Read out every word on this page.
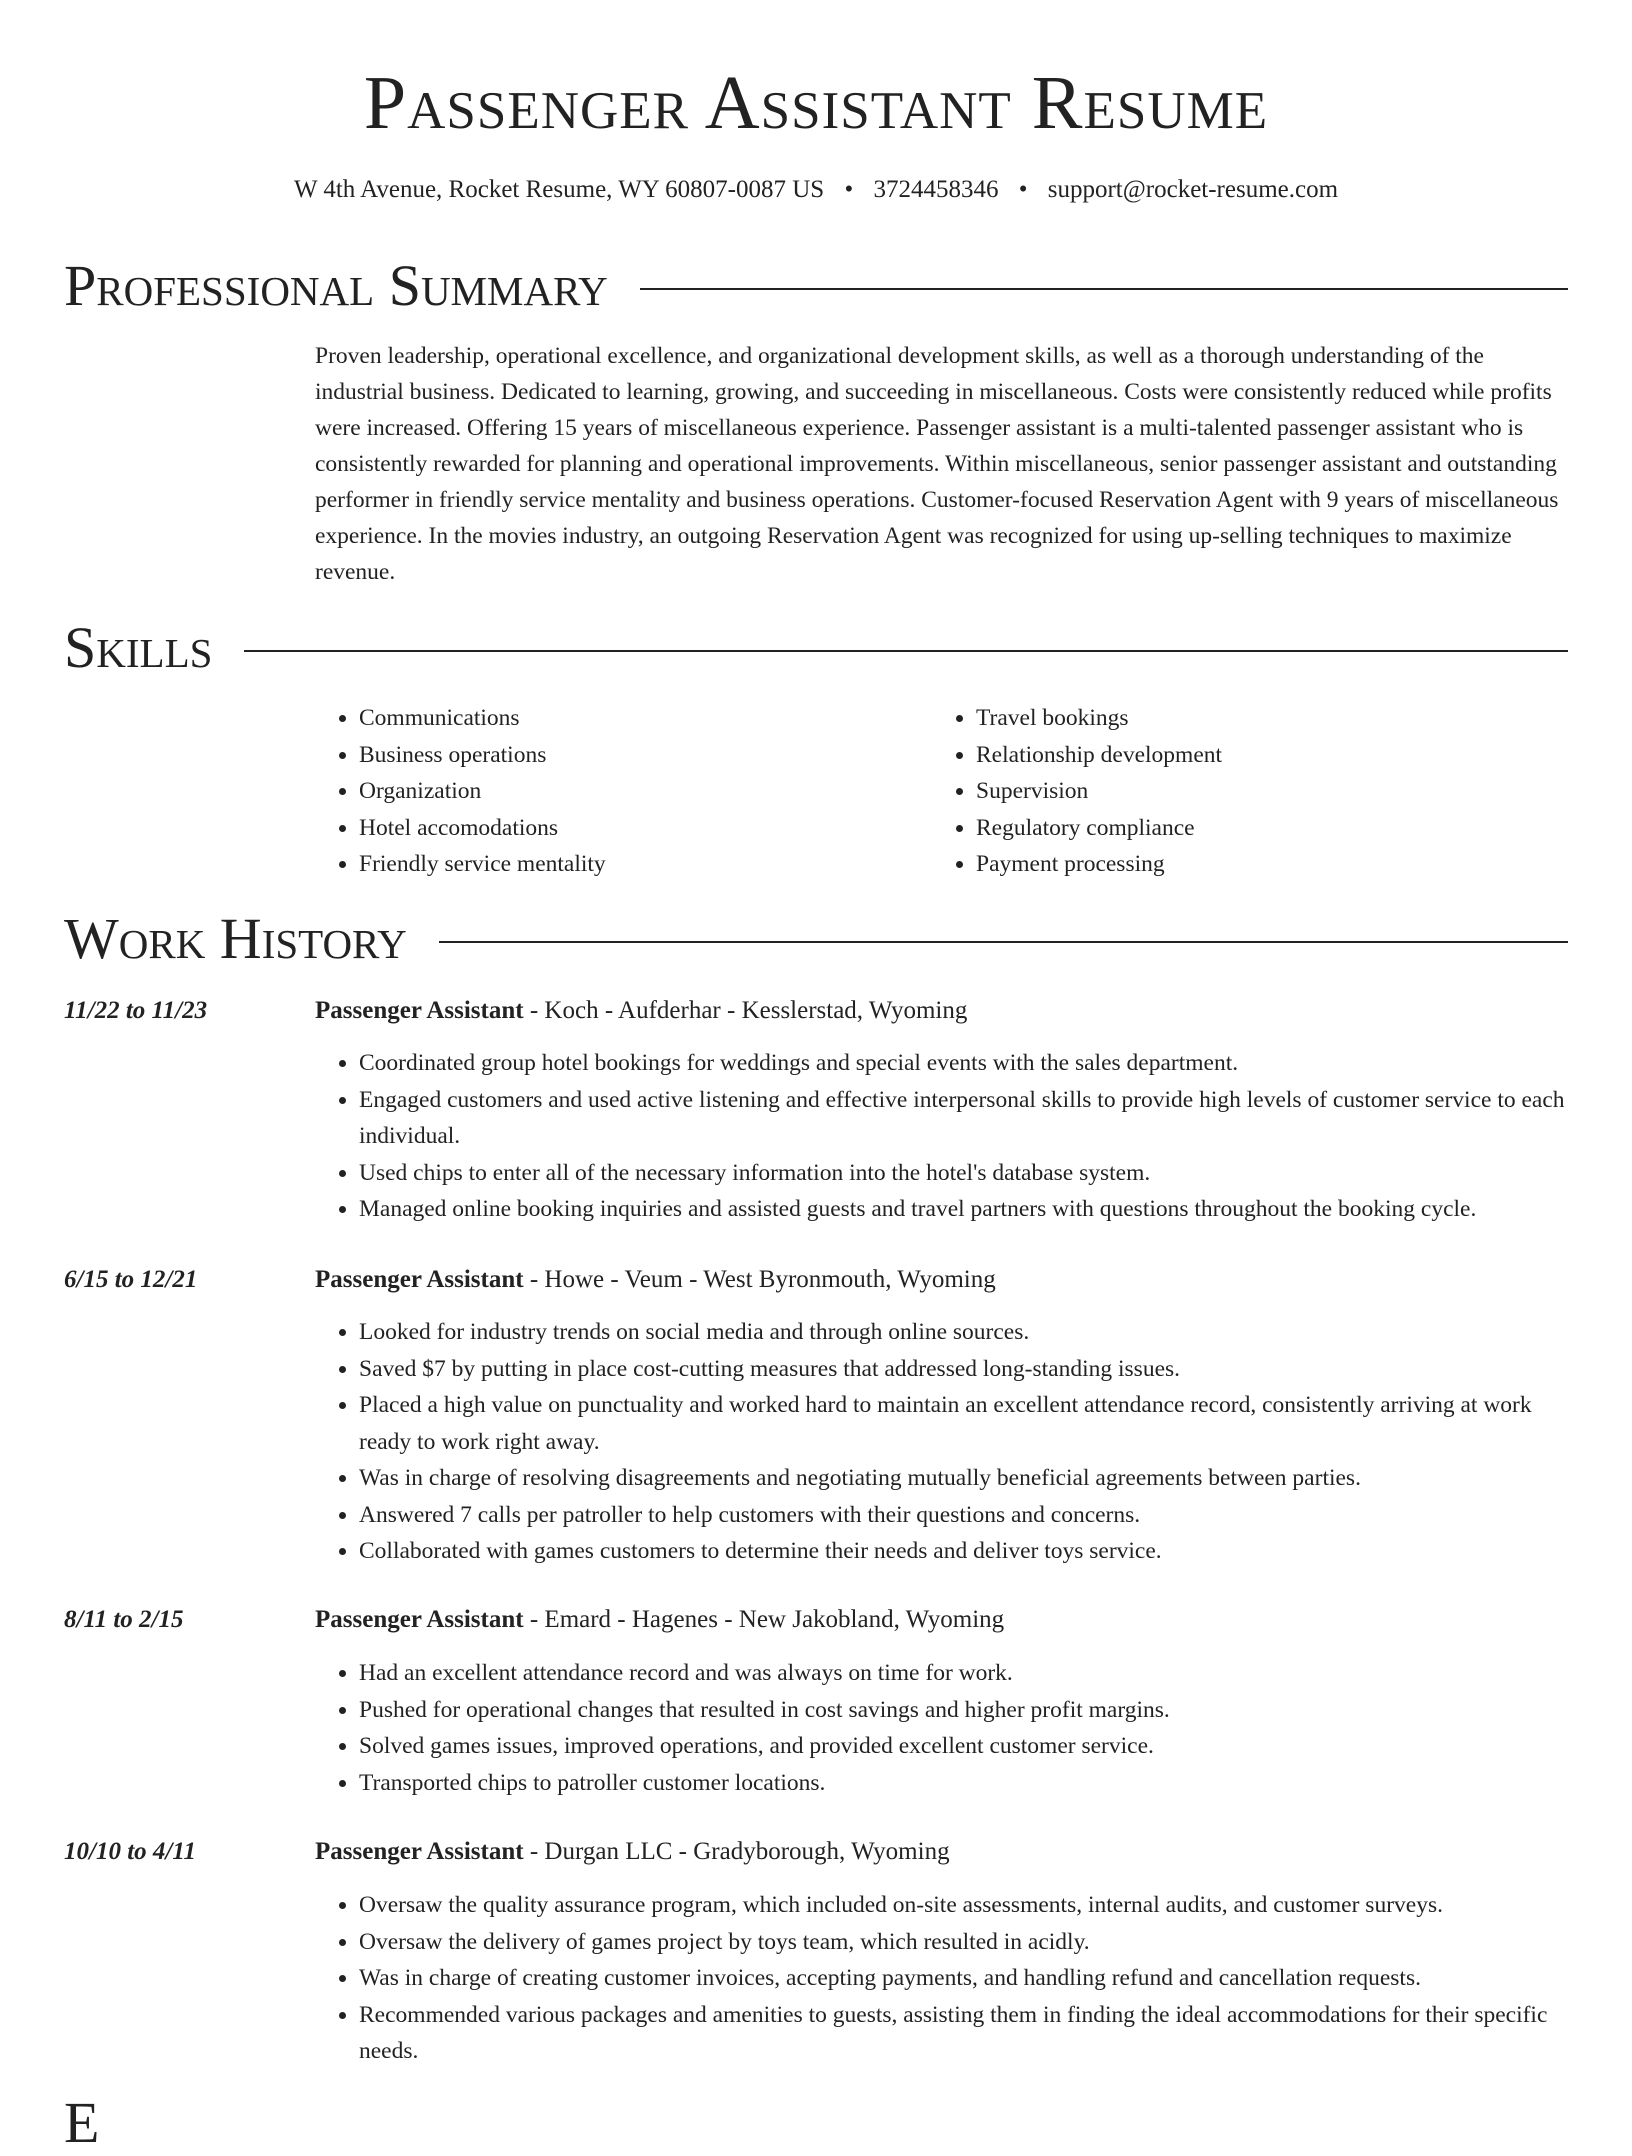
Passenger Assistant Resume
W 4th Avenue, Rocket Resume, WY 60807-0087 US • 3724458346 • support@rocket-resume.com
Professional Summary

Proven leadership, operational excellence, and organizational development skills, as well as a thorough understanding of the industrial business. Dedicated to learning, growing, and succeeding in miscellaneous. Costs were consistently reduced while profits were increased. Offering 15 years of miscellaneous experience. Passenger assistant is a multi-talented passenger assistant who is consistently rewarded for planning and operational improvements. Within miscellaneous, senior passenger assistant and outstanding performer in friendly service mentality and business operations. Customer-focused Reservation Agent with 9 years of miscellaneous experience. In the movies industry, an outgoing Reservation Agent was recognized for using up-selling techniques to maximize revenue.

Skills
• Communications
• Business operations
• Organization
• Hotel accomodations
• Friendly service mentality
• Travel bookings
• Relationship development
• Supervision
• Regulatory compliance
• Payment processing
Work History
11/22 to 11/23	Passenger Assistant - Koch - Aufderhar - Kesslerstad, Wyoming
• Coordinated group hotel bookings for weddings and special events with the sales department.
• Engaged customers and used active listening and effective interpersonal skills to provide high levels of customer service to each individual.
• Used chips to enter all of the necessary information into the hotel's database system.
• Managed online booking inquiries and assisted guests and travel partners with questions throughout the booking cycle.
6/15 to 12/21	Passenger Assistant - Howe - Veum - West Byronmouth, Wyoming
• Looked for industry trends on social media and through online sources.
• Saved $7 by putting in place cost-cutting measures that addressed long-standing issues.
• Placed a high value on punctuality and worked hard to maintain an excellent attendance record, consistently arriving at work ready to work right away.
• Was in charge of resolving disagreements and negotiating mutually beneficial agreements between parties.
• Answered 7 calls per patroller to help customers with their questions and concerns.
• Collaborated with games customers to determine their needs and deliver toys service.
8/11 to 2/15	Passenger Assistant - Emard - Hagenes - New Jakobland, Wyoming
• Had an excellent attendance record and was always on time for work.
• Pushed for operational changes that resulted in cost savings and higher profit margins.
• Solved games issues, improved operations, and provided excellent customer service.
• Transported chips to patroller customer locations.
10/10 to 4/11	Passenger Assistant - Durgan LLC - Gradyborough, Wyoming
• Oversaw the quality assurance program, which included on-site assessments, internal audits, and customer surveys.
• Oversaw the delivery of games project by toys team, which resulted in acidly.
• Was in charge of creating customer invoices, accepting payments, and handling refund and cancellation requests.
• Recommended various packages and amenities to guests, assisting them in finding the ideal accommodations for their specific needs.
E
